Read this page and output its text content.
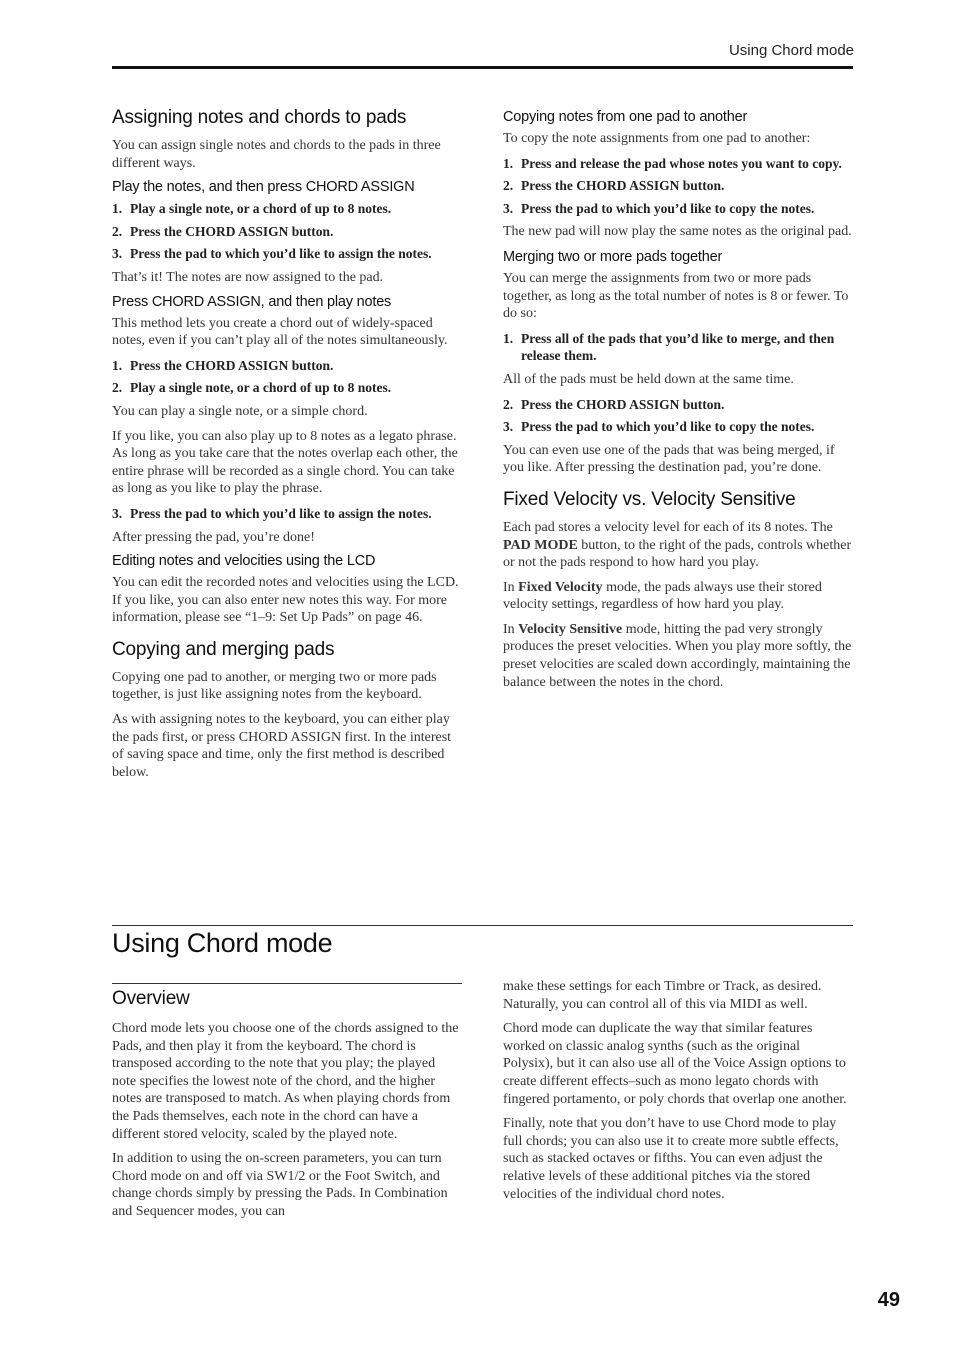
Using Chord mode
Assigning notes and chords to pads

You can assign single notes and chords to the pads in three different ways.

Play the notes, and then press CHORD ASSIGN
1. Play a single note, or a chord of up to 8 notes.
2. Press the CHORD ASSIGN button.
3. Press the pad to which you’d like to assign the notes.

That’s it! The notes are now assigned to the pad.

Press CHORD ASSIGN, and then play notes

This method lets you create a chord out of widely-spaced notes, even if you can’t play all of the notes simultaneously.

1. Press the CHORD ASSIGN button.
2. Play a single note, or a chord of up to 8 notes.

You can play a single note, or a simple chord.

If you like, you can also play up to 8 notes as a legato phrase. As long as you take care that the notes overlap each other, the entire phrase will be recorded as a single chord. You can take as long as you like to play the phrase.

3. Press the pad to which you’d like to assign the notes.

After pressing the pad, you’re done!

Editing notes and velocities using the LCD

You can edit the recorded notes and velocities using the LCD. If you like, you can also enter new notes this way. For more information, please see “1–9: Set Up Pads” on page 46.

Copying and merging pads

Copying one pad to another, or merging two or more pads together, is just like assigning notes from the keyboard.

As with assigning notes to the keyboard, you can either play the pads first, or press CHORD ASSIGN first. In the interest of saving space and time, only the first method is described below.

Copying notes from one pad to another

To copy the note assignments from one pad to another:

1. Press and release the pad whose notes you want to copy.
2. Press the CHORD ASSIGN button.
3. Press the pad to which you’d like to copy the notes.

The new pad will now play the same notes as the original pad.

Merging two or more pads together

You can merge the assignments from two or more pads together, as long as the total number of notes is 8 or fewer. To do so:

1. Press all of the pads that you’d like to merge, and then release them.

All of the pads must be held down at the same time.

2. Press the CHORD ASSIGN button.
3. Press the pad to which you’d like to copy the notes.

You can even use one of the pads that was being merged, if you like. After pressing the destination pad, you’re done.

Fixed Velocity vs. Velocity Sensitive

Each pad stores a velocity level for each of its 8 notes. The PAD MODE button, to the right of the pads, controls whether or not the pads respond to how hard you play.

In Fixed Velocity mode, the pads always use their stored velocity settings, regardless of how hard you play.

In Velocity Sensitive mode, hitting the pad very strongly produces the preset velocities. When you play more softly, the preset velocities are scaled down accordingly, maintaining the balance between the notes in the chord.

Using Chord mode
Overview

Chord mode lets you choose one of the chords assigned to the Pads, and then play it from the keyboard. The chord is transposed according to the note that you play; the played note specifies the lowest note of the chord, and the higher notes are transposed to match. As when playing chords from the Pads themselves, each note in the chord can have a different stored velocity, scaled by the played note.

In addition to using the on-screen parameters, you can turn Chord mode on and off via SW1/2 or the Foot Switch, and change chords simply by pressing the Pads. In Combination and Sequencer modes, you can

make these settings for each Timbre or Track, as desired. Naturally, you can control all of this via MIDI as well.

Chord mode can duplicate the way that similar features worked on classic analog synths (such as the original Polysix), but it can also use all of the Voice Assign options to create different effects–such as mono legato chords with fingered portamento, or poly chords that overlap one another.

Finally, note that you don’t have to use Chord mode to play full chords; you can also use it to create more subtle effects, such as stacked octaves or fifths. You can even adjust the relative levels of these additional pitches via the stored velocities of the individual chord notes.

49
